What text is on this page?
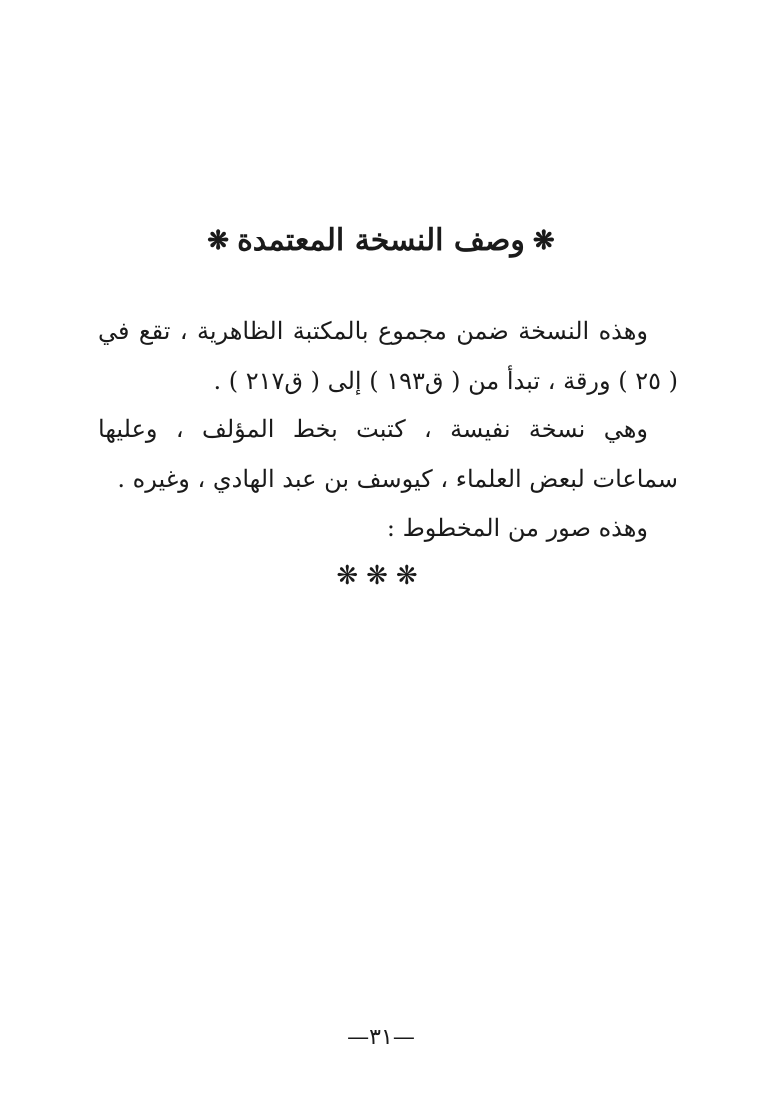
❋وصف النسخة المعتمدة❋

وهذه النسخة ضمن مجموع بالمكتبة الظاهرية ، تقع في ( ٢٥ ) ورقة ، تبدأ من ( ق١٩٣ ) إلى ( ق٢١٧ ) .

وهي نسخة نفيسة ، كتبت بخط المؤلف ، وعليها سماعات لبعض العلماء ، كيوسف بن عبد الهادي ، وغيره .

وهذه صور من المخطوط :

❋❋❋
—٣١—
